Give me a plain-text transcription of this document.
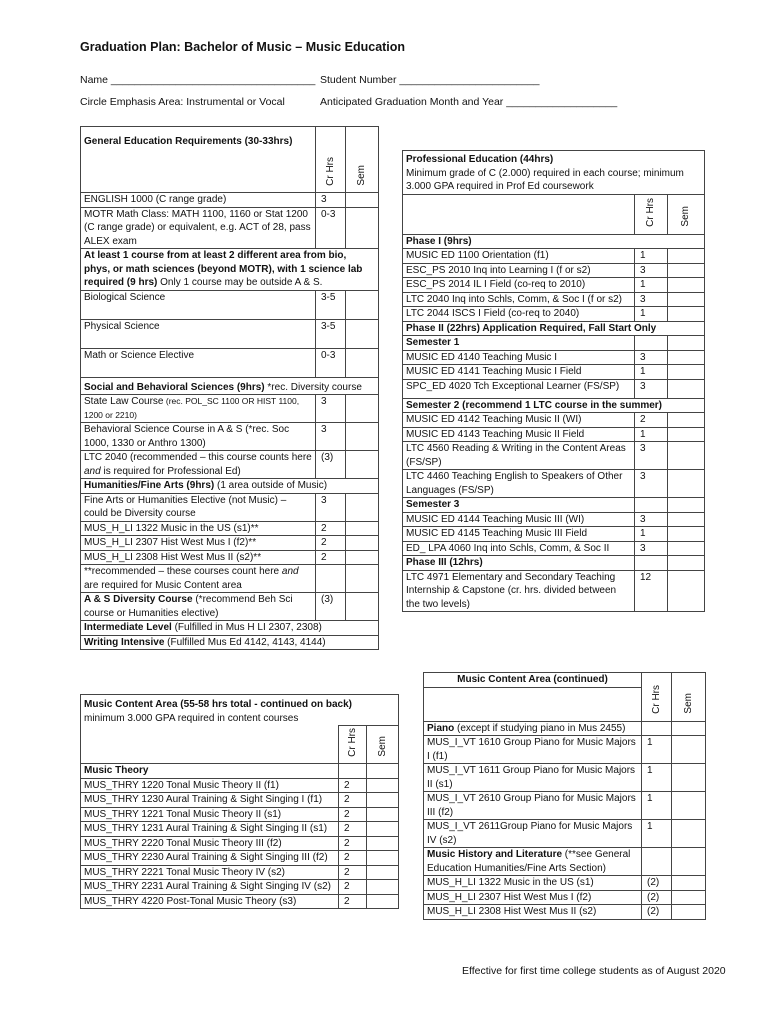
Graduation Plan: Bachelor of Music – Music Education
Name ___________________________________ Student Number ________________________
Circle Emphasis Area: Instrumental or Vocal	Anticipated Graduation Month and Year ___________________
General Education Requirements (30-33hrs)	Cr Hrs	Sem
ENGLISH 1000 (C range grade)	3	
MOTR Math Class: MATH 1100, 1160 or Stat 1200 (C range grade) or equivalent, e.g. ACT of 28, pass ALEX exam	0-3	
At least 1 course from at least 2 different area from bio, phys, or math sciences (beyond MOTR), with 1 science lab required (9 hrs) Only 1 course may be outside A & S.		
Biological Science	3-5	
Physical Science	3-5	
Math or Science Elective	0-3	
Social and Behavioral Sciences (9hrs) *rec. Diversity course		
State Law Course (rec. POL_SC 1100 OR HIST 1100, 1200 or 2210)	3	
Behavioral Science Course in A & S (*rec. Soc 1000, 1330 or Anthro 1300)	3	
LTC 2040 (recommended – this course counts here and is required for Professional Ed)	(3)	
Humanities/Fine Arts (9hrs) (1 area outside of Music)		
Fine Arts or Humanities Elective (not Music) – could be Diversity course	3	
MUS_H_LI 1322 Music in the US (s1)**	2	
MUS_H_LI 2307 Hist West Mus I (f2)**	2	
MUS_H_LI 2308 Hist West Mus II (s2)**	2	
**recommended – these courses count here and are required for Music Content area		
A & S Diversity Course (*recommend Beh Sci course or Humanities elective)	(3)	
Intermediate Level (Fulfilled in Mus H LI 2307, 2308)		
Writing Intensive (Fulfilled Mus Ed 4142, 4143, 4144)		
Professional Education (44hrs)
Minimum grade of C (2.000) required in each course; minimum 3.000 GPA required in Prof Ed coursework		

	Cr Hrs	Sem
Phase I (9hrs)		
MUSIC ED 1100 Orientation (f1)	1	
ESC_PS 2010 Inq into Learning I (f or s2)	3	
ESC_PS 2014 IL I Field (co-req to 2010)	1	
LTC 2040 Inq into Schls, Comm, & Soc I (f or s2)	3	
LTC 2044 ISCS I Field (co-req to 2040)	1	
Phase II (22hrs) Application Required, Fall Start Only		
Semester 1		
MUSIC ED 4140 Teaching Music I	3	
MUSIC ED 4141 Teaching Music I Field	1	
SPC_ED 4020 Tch Exceptional Learner (FS/SP)	3	
Semester 2 (recommend 1 LTC course in the summer)		
MUSIC ED 4142 Teaching Music II (WI)	2	
MUSIC ED 4143 Teaching Music II Field	1	
LTC 4560 Reading & Writing in the Content Areas (FS/SP)	3	
LTC 4460 Teaching English to Speakers of Other Languages (FS/SP)	3	
Semester 3		
MUSIC ED 4144 Teaching Music III (WI)	3	
MUSIC ED 4145 Teaching Music III Field	1	
ED_ LPA 4060 Inq into Schls, Comm, & Soc II	3	
Phase III (12hrs)		
LTC 4971 Elementary and Secondary Teaching Internship & Capstone (cr. hrs. divided between the two levels)	12	
Music Content Area (55-58 hrs total - continued on back)
minimum 3.000 GPA required in content courses		

	Cr Hrs	Sem
Music Theory		
MUS_THRY 1220 Tonal Music Theory II (f1)	2	
MUS_THRY 1230 Aural Training & Sight Singing I (f1)	2	
MUS_THRY 1221 Tonal Music Theory II (s1)	2	
MUS_THRY 1231 Aural Training & Sight Singing II (s1)	2	
MUS_THRY 2220 Tonal Music Theory III (f2)	2	
MUS_THRY 2230 Aural Training & Sight Singing III (f2)	2	
MUS_THRY 2221 Tonal Music Theory IV (s2)	2	
MUS_THRY 2231 Aural Training & Sight Singing IV (s2)	2	
MUS_THRY 4220 Post-Tonal Music Theory (s3)	2	
Music Content Area (continued)	Cr Hrs	Sem

Piano (except if studying piano in Mus 2455)		
MUS_I_VT 1610 Group Piano for Music Majors I (f1)	1	
MUS_I_VT 1611 Group Piano for Music Majors II (s1)	1	
MUS_I_VT 2610 Group Piano for Music Majors III (f2)	1	
MUS_I_VT 2611Group Piano for Music Majors IV (s2)	1	
Music History and Literature (**see General Education Humanities/Fine Arts Section)		
MUS_H_LI 1322 Music in the US (s1)	(2)	
MUS_H_LI 2307 Hist West Mus I (f2)	(2)	
MUS_H_LI 2308 Hist West Mus II (s2)	(2)	
Effective for first time college students as of August 2020
